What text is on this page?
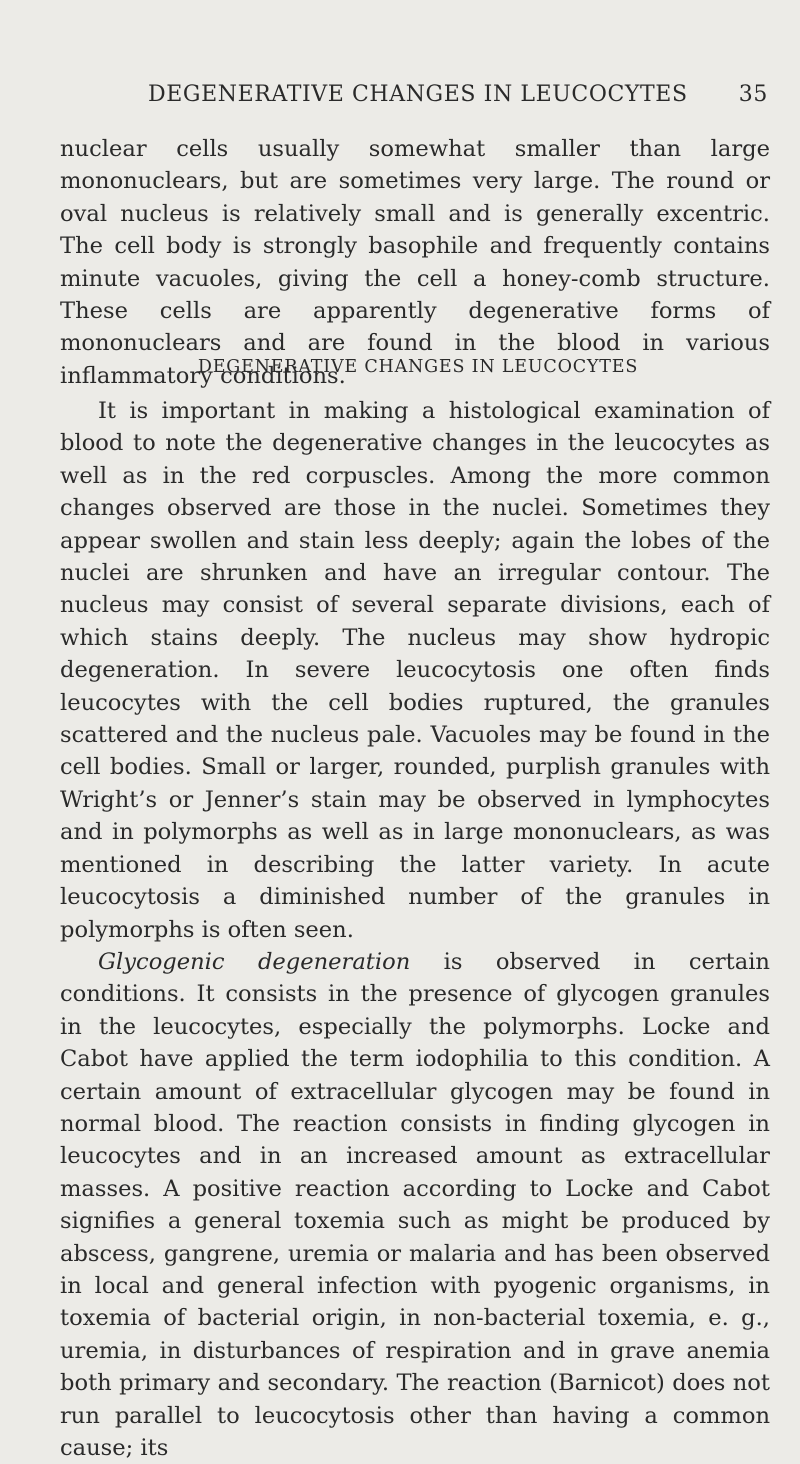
DEGENERATIVE CHANGES IN LEUCOCYTES 35

nuclear cells usually somewhat smaller than large mononuclears, but are sometimes very large. The round or oval nucleus is relatively small and is generally excentric. The cell body is strongly basophile and frequently contains minute vacuoles, giving the cell a honey-comb structure. These cells are apparently degenerative forms of mononuclears and are found in the blood in various inflammatory conditions.

DEGENERATIVE CHANGES IN LEUCOCYTES

It is important in making a histological examination of blood to note the degenerative changes in the leucocytes as well as in the red corpuscles. Among the more common changes observed are those in the nuclei. Sometimes they appear swollen and stain less deeply; again the lobes of the nuclei are shrunken and have an irregular contour. The nucleus may consist of several separate divisions, each of which stains deeply. The nucleus may show hydropic degeneration. In severe leucocytosis one often finds leucocytes with the cell bodies ruptured, the granules scattered and the nucleus pale. Vacuoles may be found in the cell bodies. Small or larger, rounded, purplish granules with Wright’s or Jenner’s stain may be observed in lymphocytes and in polymorphs as well as in large mononuclears, as was mentioned in describing the latter variety. In acute leucocytosis a diminished number of the granules in polymorphs is often seen.

Glycogenic degeneration is observed in certain conditions. It consists in the presence of glycogen granules in the leucocytes, especially the polymorphs. Locke and Cabot have applied the term iodophilia to this condition. A certain amount of extracellular glycogen may be found in normal blood. The reaction consists in finding glycogen in leucocytes and in an increased amount as extracellular masses. A positive reaction according to Locke and Cabot signifies a general toxemia such as might be produced by abscess, gangrene, uremia or malaria and has been observed in local and general infection with pyogenic organisms, in toxemia of bacterial origin, in non-bacterial toxemia, e. g., uremia, in disturbances of respiration and in grave anemia both primary and secondary. The reaction (Barnicot) does not run parallel to leucocytosis other than having a common cause; its
